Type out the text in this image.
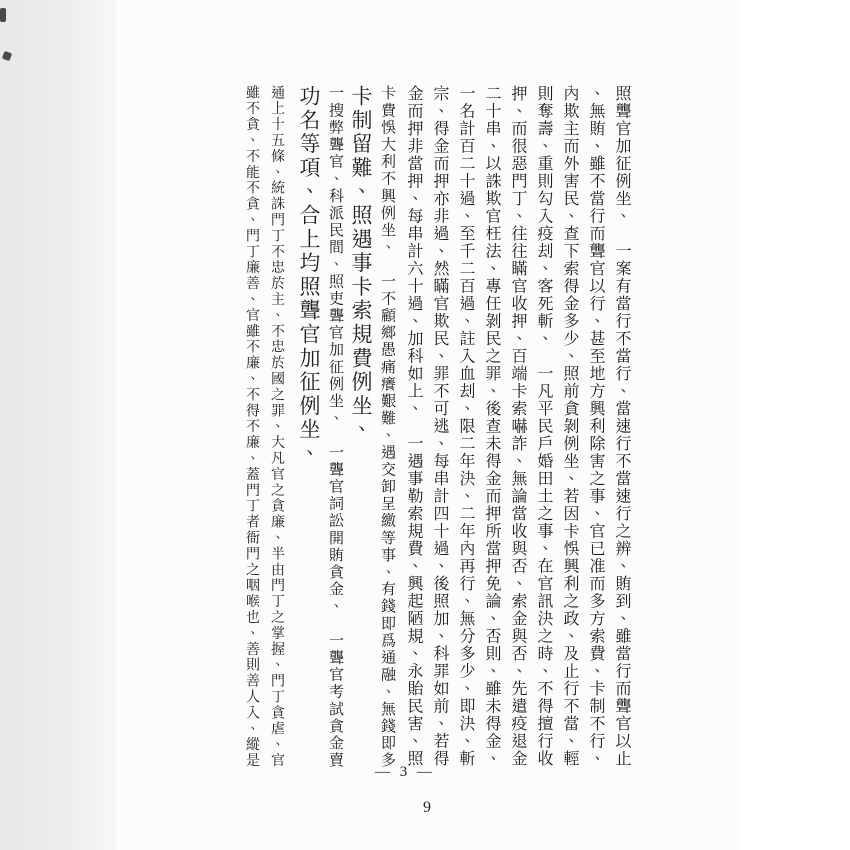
照聾官加征例坐、　一案有當行不當行、當速行不當速行之辨、賄到、雖當行而聾官以止
、無賄、雖不當行而聾官以行、甚至地方興利除害之事、官已准而多方索費、卡制不行、
內欺主而外害民、查下索得金多少、照前貪剝例坐、若因卡悞興利之政、及止行不當、輕
則奪壽、重則勾入疫刦、客死斬、　一凡平民戶婚田土之事、在官訊決之時、不得擅行收
押、而很惡門丁、往往瞞官收押、百端卡索嚇詐、無論當收與否、索金與否、先遣疫退金
二十串、以誅欺官枉法、專任剝民之罪、後查未得金而押所當押免論、否則、雖未得金、
一名計百二十過、至千二百過、註入血刦、限二年決、二年內再行、無分多少、即決、斬
宗、得金而押亦非過、然瞞官欺民、罪不可逃、每串計四十過、後照加、科罪如前、若得
金而押非當押、每串計六十過、加科如上、　一遇事勒索規費、興起陋規、永貽民害、照
卡費悞大利不興例坐、　一不顧鄉愚痛癢艱難、遇交卸呈繳等事、有錢即爲通融、無錢即多
卡制留難、照遇事卡索規費例坐、
一搜弊聾官、科派民間、照吏聾官加征例坐、　一聾官詞訟開賄貪金、　一聾官考試貪金賣
功名等項、合上均照聾官加征例坐、
通上十五條、統誅門丁不忠於主、不忠於國之罪、大凡官之貪廉、半由門丁之掌握、門丁貪虐、官
雖不貪、不能不貪、門丁廉善、官雖不廉、不得不廉、蓋門丁者衙門之咽喉也、善則善人入、縱是
— 3 —
9
